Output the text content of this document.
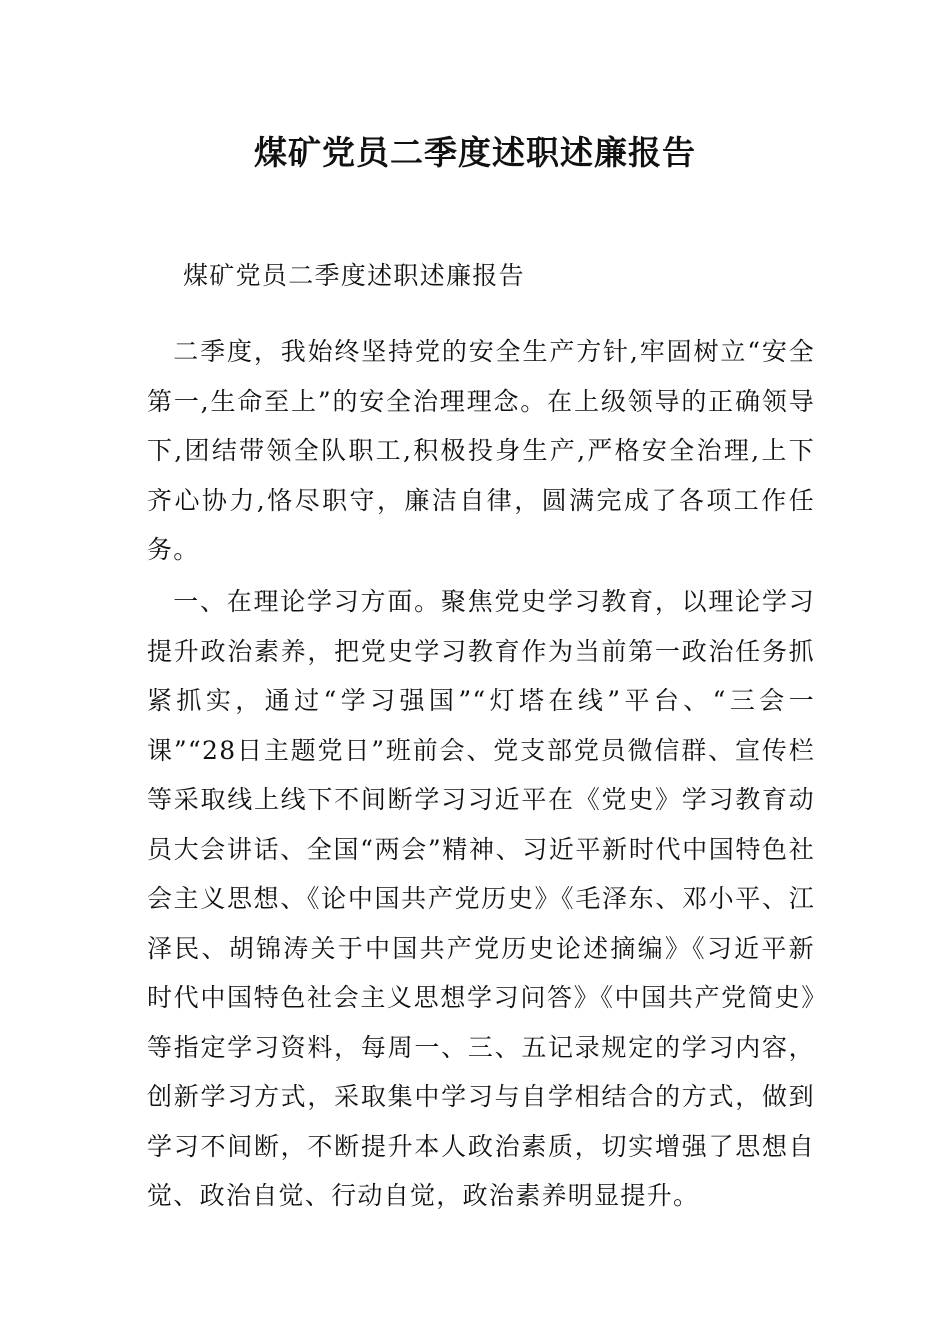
煤矿党员二季度述职述廉报告
煤矿党员二季度述职述廉报告

二季度，我始终坚持党的安全生产方针,牢固树立“安全第一,生命至上”的安全治理理念。在上级领导的正确领导下,团结带领全队职工,积极投身生产,严格安全治理,上下齐心协力,恪尽职守，廉洁自律，圆满完成了各项工作任务。

一、在理论学习方面。聚焦党史学习教育，以理论学习提升政治素养，把党史学习教育作为当前第一政治任务抓紧抓实，通过“学习强国”“灯塔在线”平台、“三会一课”“28日主题党日”班前会、党支部党员微信群、宣传栏等采取线上线下不间断学习习近平在《党史》学习教育动员大会讲话、全国“两会”精神、习近平新时代中国特色社会主义思想、《论中国共产党历史》《毛泽东、邓小平、江泽民、胡锦涛关于中国共产党历史论述摘编》《习近平新时代中国特色社会主义思想学习问答》《中国共产党简史》等指定学习资料，每周一、三、五记录规定的学习内容，创新学习方式，采取集中学习与自学相结合的方式，做到学习不间断，不断提升本人政治素质，切实增强了思想自觉、政治自觉、行动自觉，政治素养明显提升。
